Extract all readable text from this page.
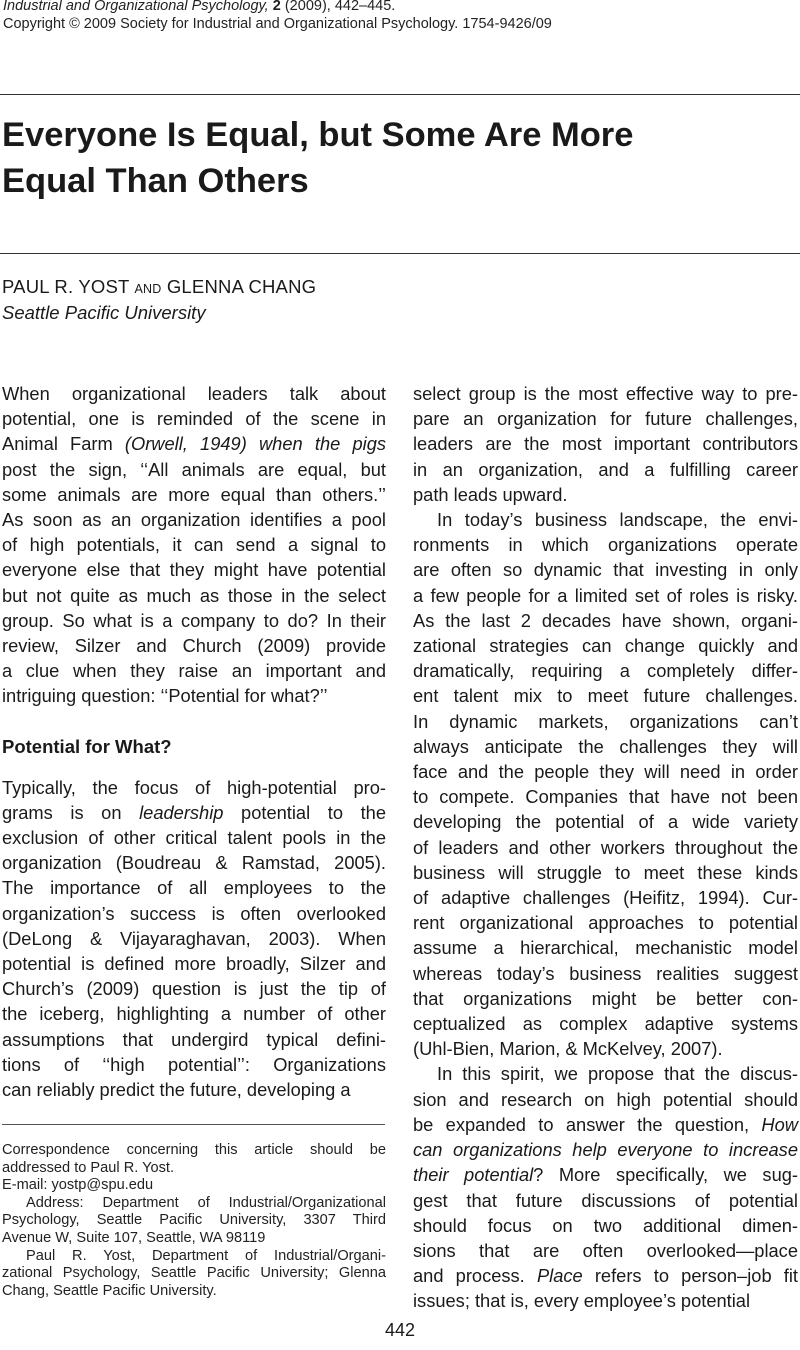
Industrial and Organizational Psychology, 2 (2009), 442–445.
Copyright © 2009 Society for Industrial and Organizational Psychology. 1754-9426/09
Everyone Is Equal, but Some Are More
Equal Than Others
PAUL R. YOST AND GLENNA CHANG
Seattle Pacific University
When organizational leaders talk about
potential, one is reminded of the scene in
Animal Farm (Orwell, 1949) when the pigs
post the sign, ‘‘All animals are equal, but
some animals are more equal than others.’’
As soon as an organization identifies a pool
of high potentials, it can send a signal to
everyone else that they might have potential
but not quite as much as those in the select
group. So what is a company to do? In their
review, Silzer and Church (2009) provide
a clue when they raise an important and
intriguing question: ‘‘Potential for what?’’
Potential for What?
Typically, the focus of high-potential pro-
grams is on leadership potential to the
exclusion of other critical talent pools in the
organization (Boudreau & Ramstad, 2005).
The importance of all employees to the
organization’s success is often overlooked
(DeLong & Vijayaraghavan, 2003). When
potential is defined more broadly, Silzer and
Church’s (2009) question is just the tip of
the iceberg, highlighting a number of other
assumptions that undergird typical defini-
tions of ‘‘high potential’’: Organizations
can reliably predict the future, developing a
select group is the most effective way to pre-
pare an organization for future challenges,
leaders are the most important contributors
in an organization, and a fulfilling career
path leads upward.
In today’s business landscape, the envi-
ronments in which organizations operate
are often so dynamic that investing in only
a few people for a limited set of roles is risky.
As the last 2 decades have shown, organi-
zational strategies can change quickly and
dramatically, requiring a completely differ-
ent talent mix to meet future challenges.
In dynamic markets, organizations can’t
always anticipate the challenges they will
face and the people they will need in order
to compete. Companies that have not been
developing the potential of a wide variety
of leaders and other workers throughout the
business will struggle to meet these kinds
of adaptive challenges (Heifitz, 1994). Cur-
rent organizational approaches to potential
assume a hierarchical, mechanistic model
whereas today’s business realities suggest
that organizations might be better con-
ceptualized as complex adaptive systems
(Uhl-Bien, Marion, & McKelvey, 2007).
In this spirit, we propose that the discus-
sion and research on high potential should
be expanded to answer the question, How
can organizations help everyone to increase
their potential? More specifically, we sug-
gest that future discussions of potential
should focus on two additional dimen-
sions that are often overlooked—place
and process. Place refers to person–job fit
issues; that is, every employee’s potential
Correspondence concerning this article should be
addressed to Paul R. Yost.
E-mail: yostp@spu.edu
Address: Department of Industrial/Organizational
Psychology, Seattle Pacific University, 3307 Third
Avenue W, Suite 107, Seattle, WA 98119
Paul R. Yost, Department of Industrial/Organi-
zational Psychology, Seattle Pacific University; Glenna
Chang, Seattle Pacific University.
442
